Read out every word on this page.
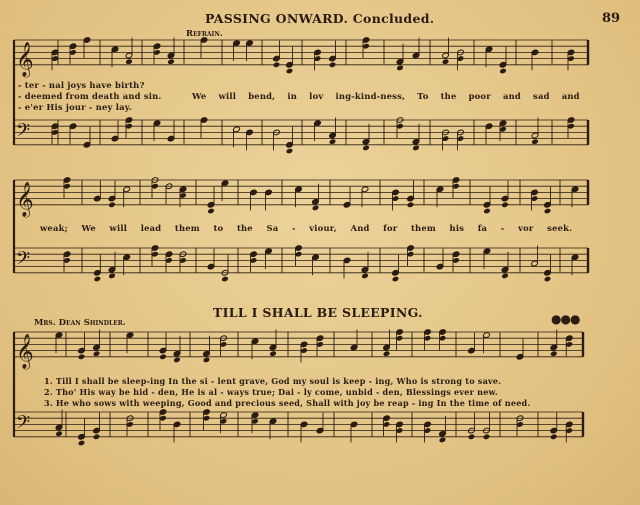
𝄞
𝄢
𝄞
𝄢
𝄞
𝄢
PASSING ONWARD. Concluded.	89
Refrain.
- ter - nal joys have birth?
- deemed from death and sin.
- e'er His jour - ney lay.
We will bend, in lov ing-kind-ness, To the poor and sad and
weak; We will lead them to the Sa - viour, And for them his fa - vor seek.
TILL I SHALL BE SLEEPING.
Mrs. Dean Shindler.	●●●
1. Till I shall be sleep-ing In the si - lent grave, God my soul is keep - ing, Who is strong to save.
2. Tho' His way be hid - den, He is al - ways true; Dai - ly come, unbid - den, Blessings ever new.
3. He who sows with weeping, Good and precious seed, Shall with joy be reap - ing In the time of need.
